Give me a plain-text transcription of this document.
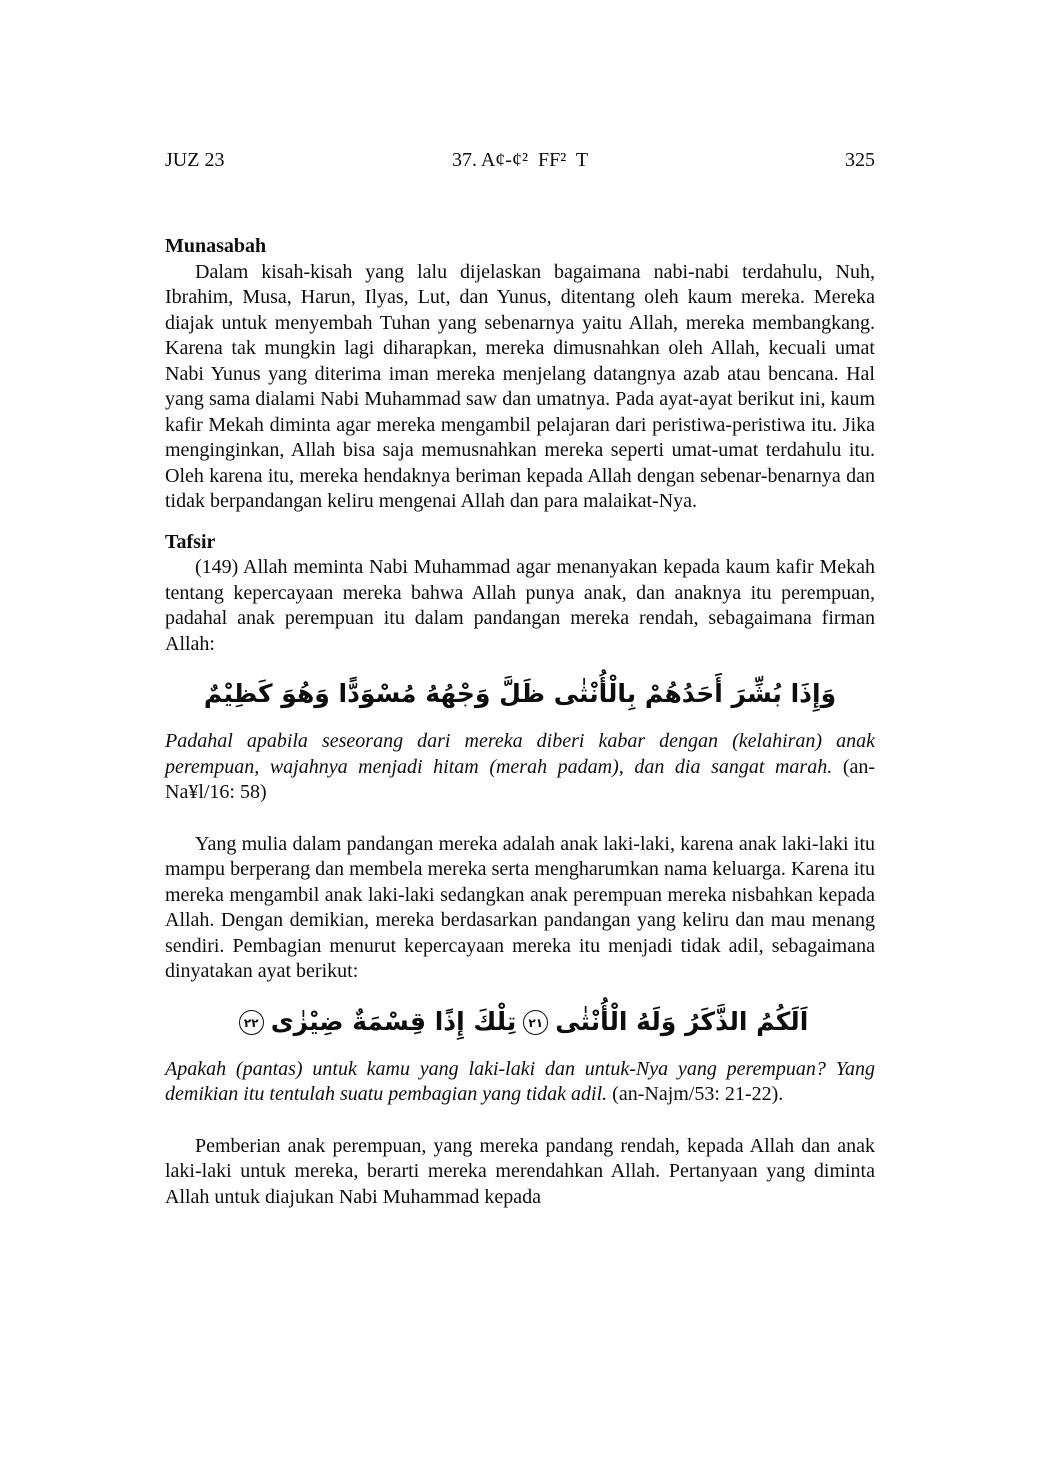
JUZ 23	37. A¢-¢²  FF²  T	325
Munasabah

Dalam kisah-kisah yang lalu dijelaskan bagaimana nabi-nabi terdahulu, Nuh, Ibrahim, Musa, Harun, Ilyas, Lut, dan Yunus, ditentang oleh kaum mereka. Mereka diajak untuk menyembah Tuhan yang sebenarnya yaitu Allah, mereka membangkang. Karena tak mungkin lagi diharapkan, mereka dimusnahkan oleh Allah, kecuali umat Nabi Yunus yang diterima iman mereka menjelang datangnya azab atau bencana. Hal yang sama dialami Nabi Muhammad saw dan umatnya. Pada ayat-ayat berikut ini, kaum kafir Mekah diminta agar mereka mengambil pelajaran dari peristiwa-peristiwa itu. Jika menginginkan, Allah bisa saja memusnahkan mereka seperti umat-umat terdahulu itu. Oleh karena itu, mereka hendaknya beriman kepada Allah dengan sebenar-benarnya dan tidak berpandangan keliru mengenai Allah dan para malaikat-Nya.

Tafsir

(149) Allah meminta Nabi Muhammad agar menanyakan kepada kaum kafir Mekah tentang kepercayaan mereka bahwa Allah punya anak, dan anaknya itu perempuan, padahal anak perempuan itu dalam pandangan mereka rendah, sebagaimana firman Allah:

وَإِذَا بُشِّرَ أَحَدُهُمْ بِالْأُنْثٰى ظَلَّ وَجْهُهُ مُسْوَدًّا وَهُوَ كَظِيْمٌ

Padahal apabila seseorang dari mereka diberi kabar dengan (kelahiran) anak perempuan, wajahnya menjadi hitam (merah padam), dan dia sangat marah. (an-Na¥l/16: 58)

Yang mulia dalam pandangan mereka adalah anak laki-laki, karena anak laki-laki itu mampu berperang dan membela mereka serta mengharumkan nama keluarga. Karena itu mereka mengambil anak laki-laki sedangkan anak perempuan mereka nisbahkan kepada Allah. Dengan demikian, mereka berdasarkan pandangan yang keliru dan mau menang sendiri. Pembagian menurut kepercayaan mereka itu menjadi tidak adil, sebagaimana dinyatakan ayat berikut:

اَلَكُمُ الذَّكَرُ وَلَهُ الْأُنْثٰى٢١تِلْكَ إِذًا قِسْمَةٌ ضِيْزٰى٢٢

Apakah (pantas) untuk kamu yang laki-laki dan untuk-Nya yang perempuan? Yang demikian itu tentulah suatu pembagian yang tidak adil. (an-Najm/53: 21-22).

Pemberian anak perempuan, yang mereka pandang rendah, kepada Allah dan anak laki-laki untuk mereka, berarti mereka merendahkan Allah. Pertanyaan yang diminta Allah untuk diajukan Nabi Muhammad kepada
